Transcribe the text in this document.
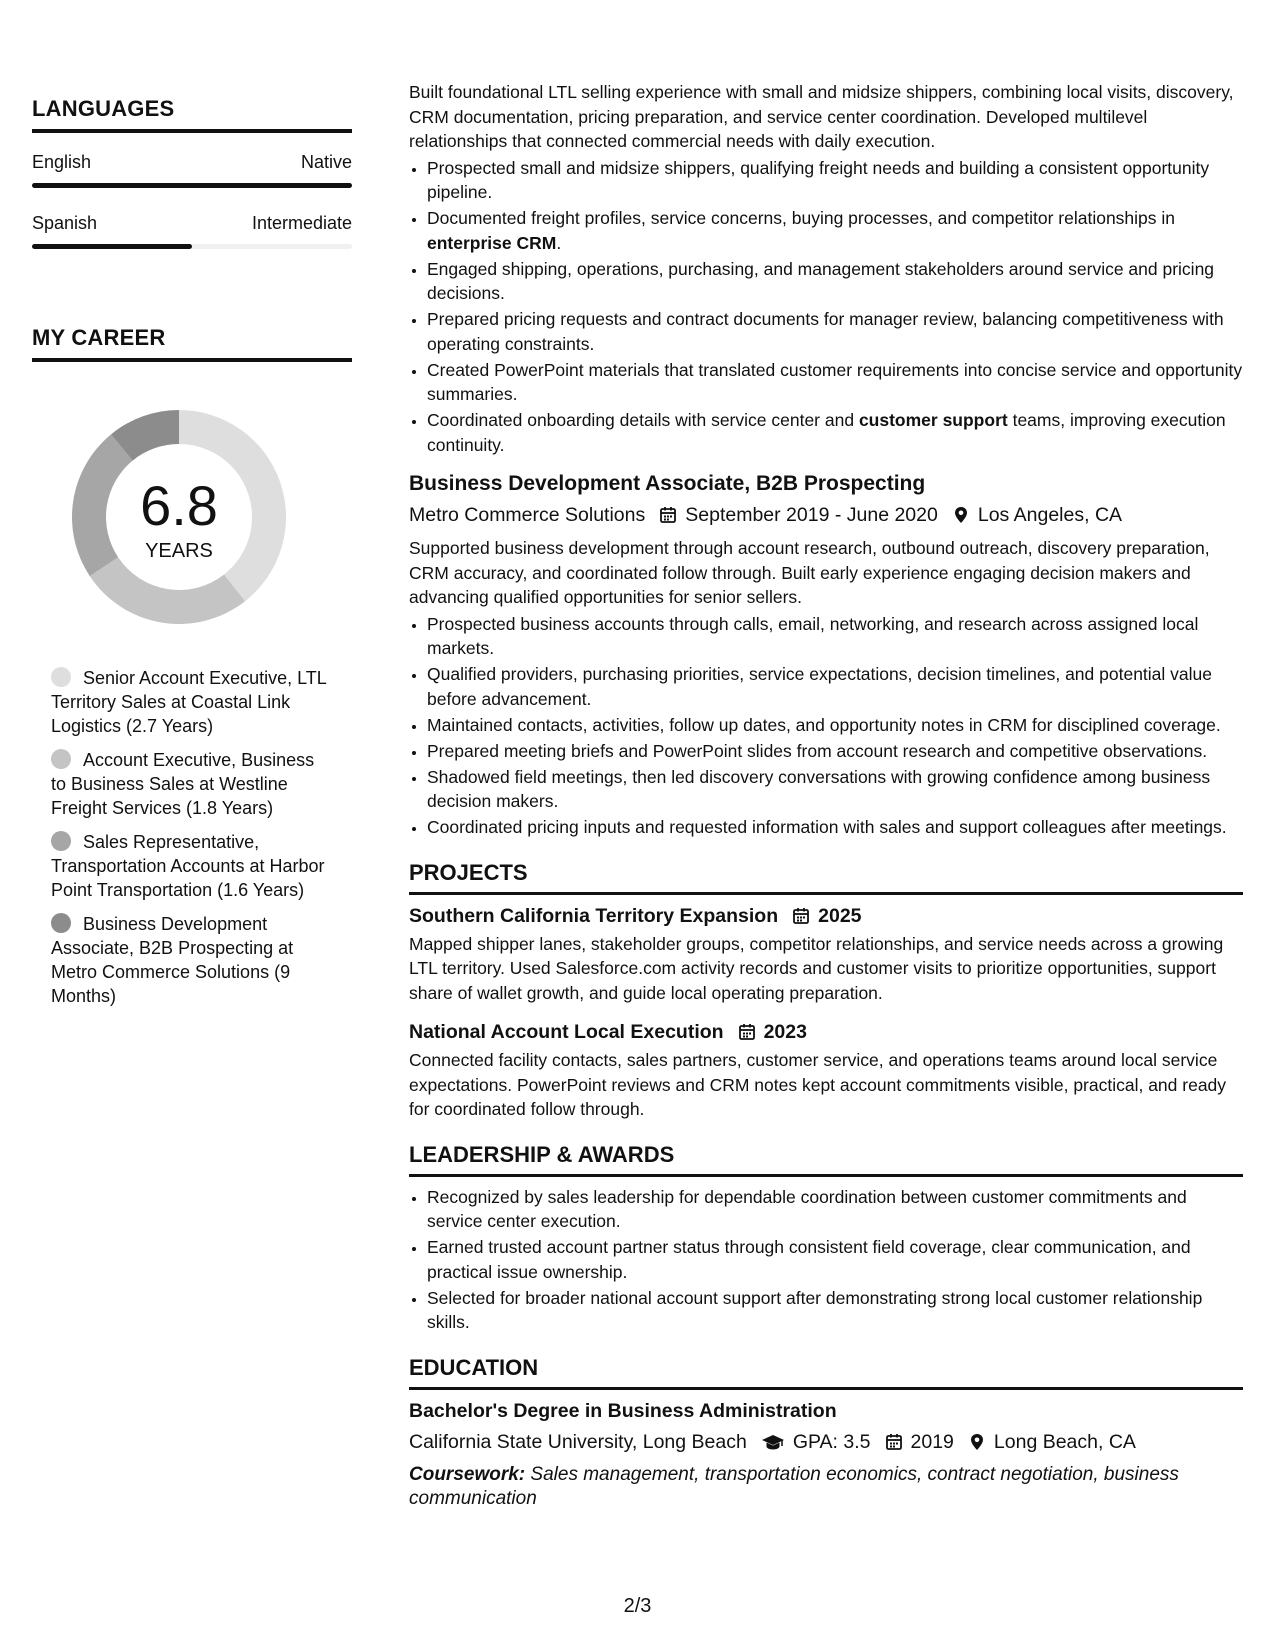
LANGUAGES
English	Native
Spanish	Intermediate
MY CAREER
6.8
YEARS
Senior Account Executive, LTL Territory Sales at Coastal Link Logistics (2.7 Years)
Account Executive, Business to Business Sales at Westline Freight Services (1.8 Years)
Sales Representative, Transportation Accounts at Harbor Point Transportation (1.6 Years)
Business Development Associate, B2B Prospecting at Metro Commerce Solutions (9 Months)

Built foundational LTL selling experience with small and midsize shippers, combining local visits, discovery, CRM documentation, pricing preparation, and service center coordination. Developed multilevel relationships that connected commercial needs with daily execution.

• Prospected small and midsize shippers, qualifying freight needs and building a consistent opportunity pipeline.
• Documented freight profiles, service concerns, buying processes, and competitor relationships in enterprise CRM.
• Engaged shipping, operations, purchasing, and management stakeholders around service and pricing decisions.
• Prepared pricing requests and contract documents for manager review, balancing competitiveness with operating constraints.
• Created PowerPoint materials that translated customer requirements into concise service and opportunity summaries.
• Coordinated onboarding details with service center and customer support teams, improving execution continuity.
Business Development Associate, B2B Prospecting
Metro Commerce Solutions September 2019 - June 2020 Los Angeles, CA

Supported business development through account research, outbound outreach, discovery preparation, CRM accuracy, and coordinated follow through. Built early experience engaging decision makers and advancing qualified opportunities for senior sellers.

• Prospected business accounts through calls, email, networking, and research across assigned local markets.
• Qualified providers, purchasing priorities, service expectations, decision timelines, and potential value before advancement.
• Maintained contacts, activities, follow up dates, and opportunity notes in CRM for disciplined coverage.
• Prepared meeting briefs and PowerPoint slides from account research and competitive observations.
• Shadowed field meetings, then led discovery conversations with growing confidence among business decision makers.
• Coordinated pricing inputs and requested information with sales and support colleagues after meetings.
PROJECTS
Southern California Territory Expansion 2025

Mapped shipper lanes, stakeholder groups, competitor relationships, and service needs across a growing LTL territory. Used Salesforce.com activity records and customer visits to prioritize opportunities, support share of wallet growth, and guide local operating preparation.

National Account Local Execution 2023

Connected facility contacts, sales partners, customer service, and operations teams around local service expectations. PowerPoint reviews and CRM notes kept account commitments visible, practical, and ready for coordinated follow through.

LEADERSHIP & AWARDS
• Recognized by sales leadership for dependable coordination between customer commitments and service center execution.
• Earned trusted account partner status through consistent field coverage, clear communication, and practical issue ownership.
• Selected for broader national account support after demonstrating strong local customer relationship skills.
EDUCATION
Bachelor's Degree in Business Administration
California State University, Long Beach GPA: 3.5 2019 Long Beach, CA
Coursework: Sales management, transportation economics, contract negotiation, business communication
2/3
